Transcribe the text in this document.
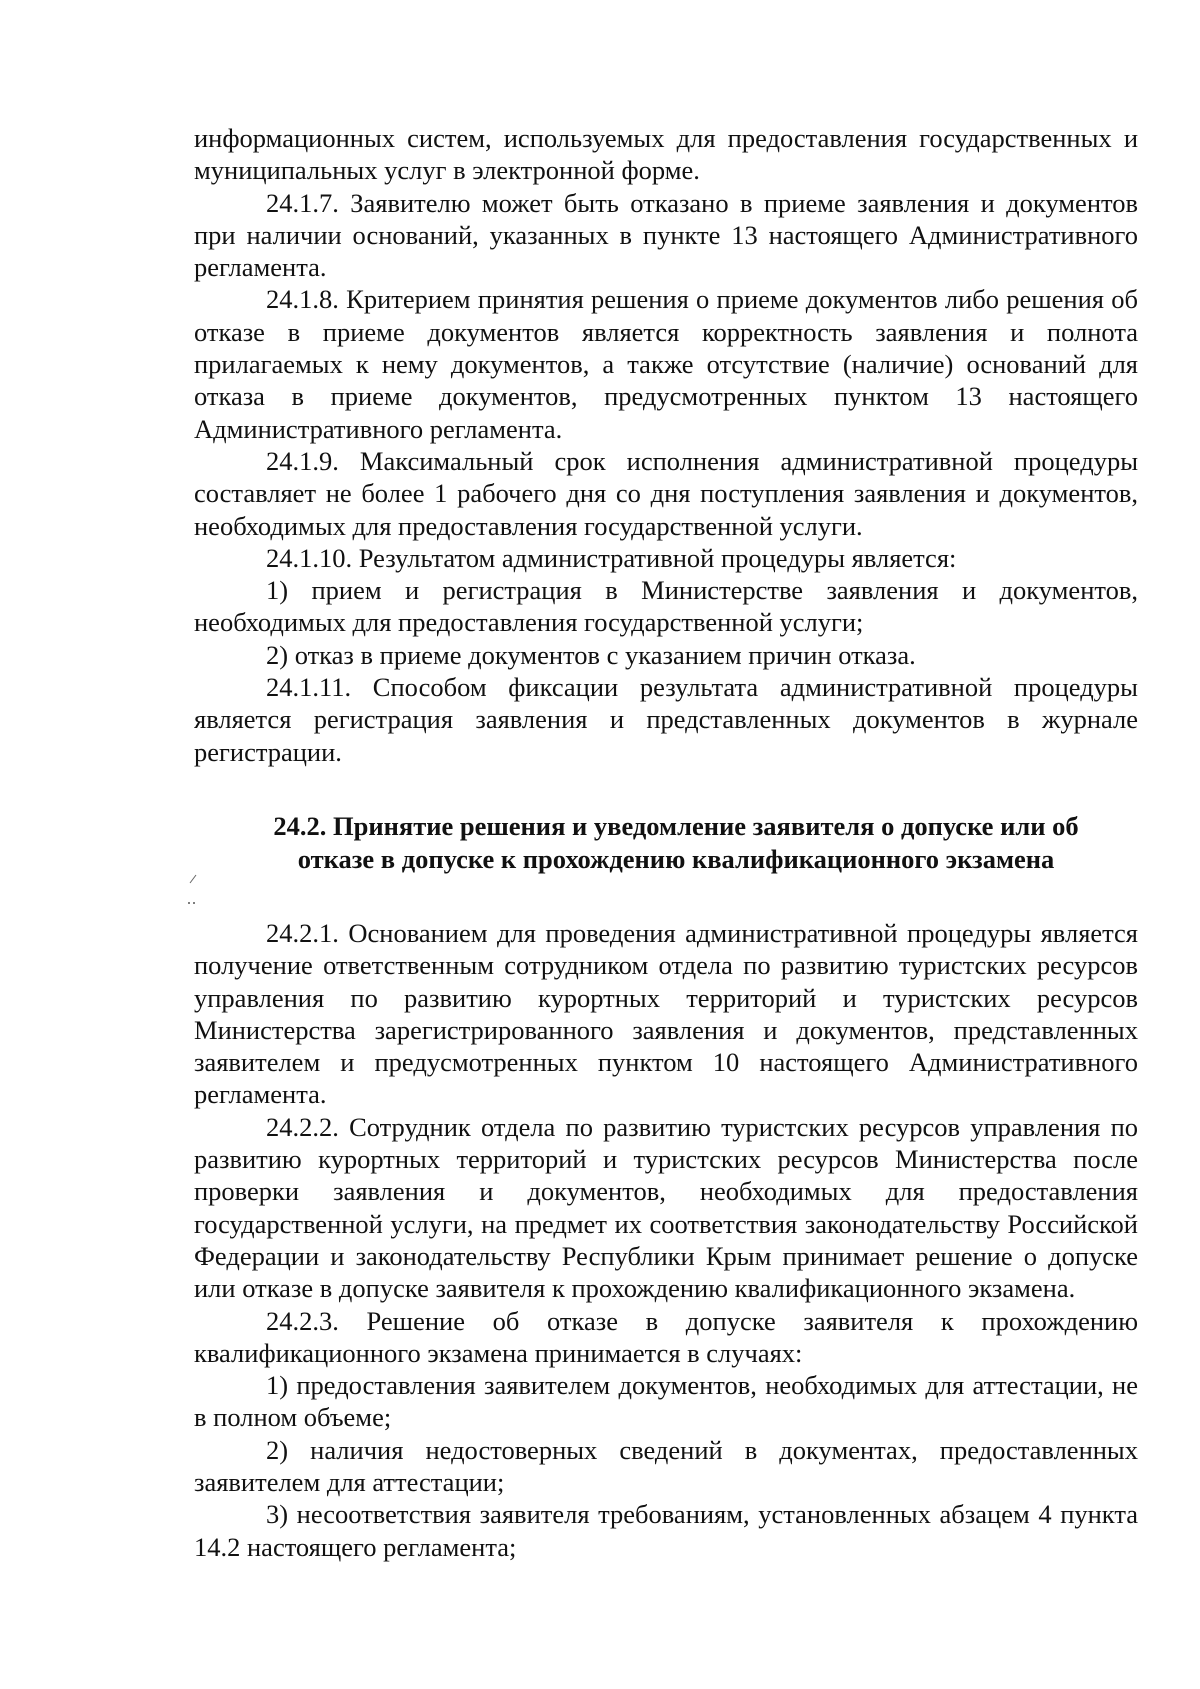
информационных систем, используемых для предоставления государственных и муниципальных услуг в электронной форме.

24.1.7. Заявителю может быть отказано в приеме заявления и документов при наличии оснований, указанных в пункте 13 настоящего Административного регламента.

24.1.8. Критерием принятия решения о приеме документов либо решения об отказе в приеме документов является корректность заявления и полнота прилагаемых к нему документов, а также отсутствие (наличие) оснований для отказа в приеме документов, предусмотренных пунктом 13 настоящего Административного регламента.

24.1.9. Максимальный срок исполнения административной процедуры составляет не более 1 рабочего дня со дня поступления заявления и документов, необходимых для предоставления государственной услуги.

24.1.10. Результатом административной процедуры является:

1) прием и регистрация в Министерстве заявления и документов, необходимых для предоставления государственной услуги;

2) отказ в приеме документов с указанием причин отказа.

24.1.11. Способом фиксации результата административной процедуры является регистрация заявления и представленных документов в журнале регистрации.

24.2. Принятие решения и уведомление заявителя о допуске или об
отказе в допуске к прохождению квалификационного экзамена

24.2.1. Основанием для проведения административной процедуры является получение ответственным сотрудником отдела по развитию туристских ресурсов управления по развитию курортных территорий и туристских ресурсов Министерства зарегистрированного заявления и документов, представленных заявителем и предусмотренных пунктом 10 настоящего Административного регламента.

24.2.2. Сотрудник отдела по развитию туристских ресурсов управления по развитию курортных территорий и туристских ресурсов Министерства после проверки заявления и документов, необходимых для предоставления государственной услуги, на предмет их соответствия законодательству Российской Федерации и законодательству Республики Крым принимает решение о допуске или отказе в допуске заявителя к прохождению квалификационного экзамена.

24.2.3. Решение об отказе в допуске заявителя к прохождению квалификационного экзамена принимается в случаях:

1) предоставления заявителем документов, необходимых для аттестации, не в полном объеме;

2) наличия недостоверных сведений в документах, предоставленных заявителем для аттестации;

3) несоответствия заявителя требованиям, установленных абзацем 4 пункта 14.2 настоящего регламента;
